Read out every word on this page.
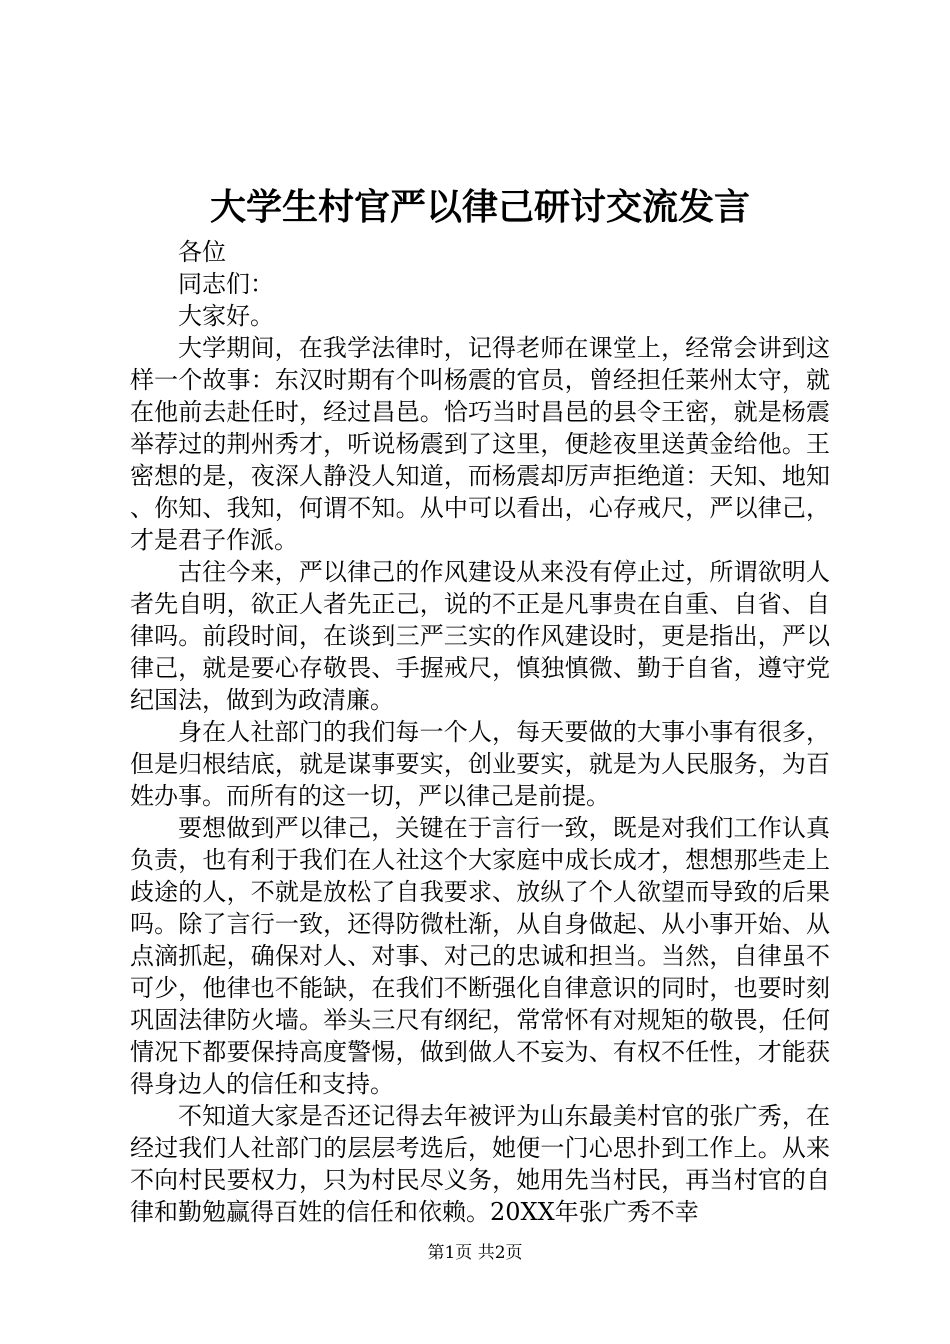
大学生村官严以律己研讨交流发言

各位

同志们：

大家好。

大学期间，在我学法律时，记得老师在课堂上，经常会讲到这样一个故事：东汉时期有个叫杨震的官员，曾经担任莱州太守，就在他前去赴任时，经过昌邑。恰巧当时昌邑的县令王密，就是杨震举荐过的荆州秀才，听说杨震到了这里，便趁夜里送黄金给他。王密想的是，夜深人静没人知道，而杨震却厉声拒绝道：天知、地知、你知、我知，何谓不知。从中可以看出，心存戒尺，严以律己，才是君子作派。

古往今来，严以律己的作风建设从来没有停止过，所谓欲明人者先自明，欲正人者先正己，说的不正是凡事贵在自重、自省、自律吗。前段时间，在谈到三严三实的作风建设时，更是指出，严以律己，就是要心存敬畏、手握戒尺，慎独慎微、勤于自省，遵守党纪国法，做到为政清廉。

身在人社部门的我们每一个人，每天要做的大事小事有很多，但是归根结底，就是谋事要实，创业要实，就是为人民服务，为百姓办事。而所有的这一切，严以律己是前提。

要想做到严以律己，关键在于言行一致，既是对我们工作认真负责，也有利于我们在人社这个大家庭中成长成才，想想那些走上歧途的人，不就是放松了自我要求、放纵了个人欲望而导致的后果吗。除了言行一致，还得防微杜渐，从自身做起、从小事开始、从点滴抓起，确保对人、对事、对己的忠诚和担当。当然，自律虽不可少，他律也不能缺，在我们不断强化自律意识的同时，也要时刻巩固法律防火墙。举头三尺有纲纪，常常怀有对规矩的敬畏，任何情况下都要保持高度警惕，做到做人不妄为、有权不任性，才能获得身边人的信任和支持。

不知道大家是否还记得去年被评为山东最美村官的张广秀，在经过我们人社部门的层层考选后，她便一门心思扑到工作上。从来不向村民要权力，只为村民尽义务，她用先当村民，再当村官的自律和勤勉赢得百姓的信任和依赖。20XX年张广秀不幸

第1页 共2页
